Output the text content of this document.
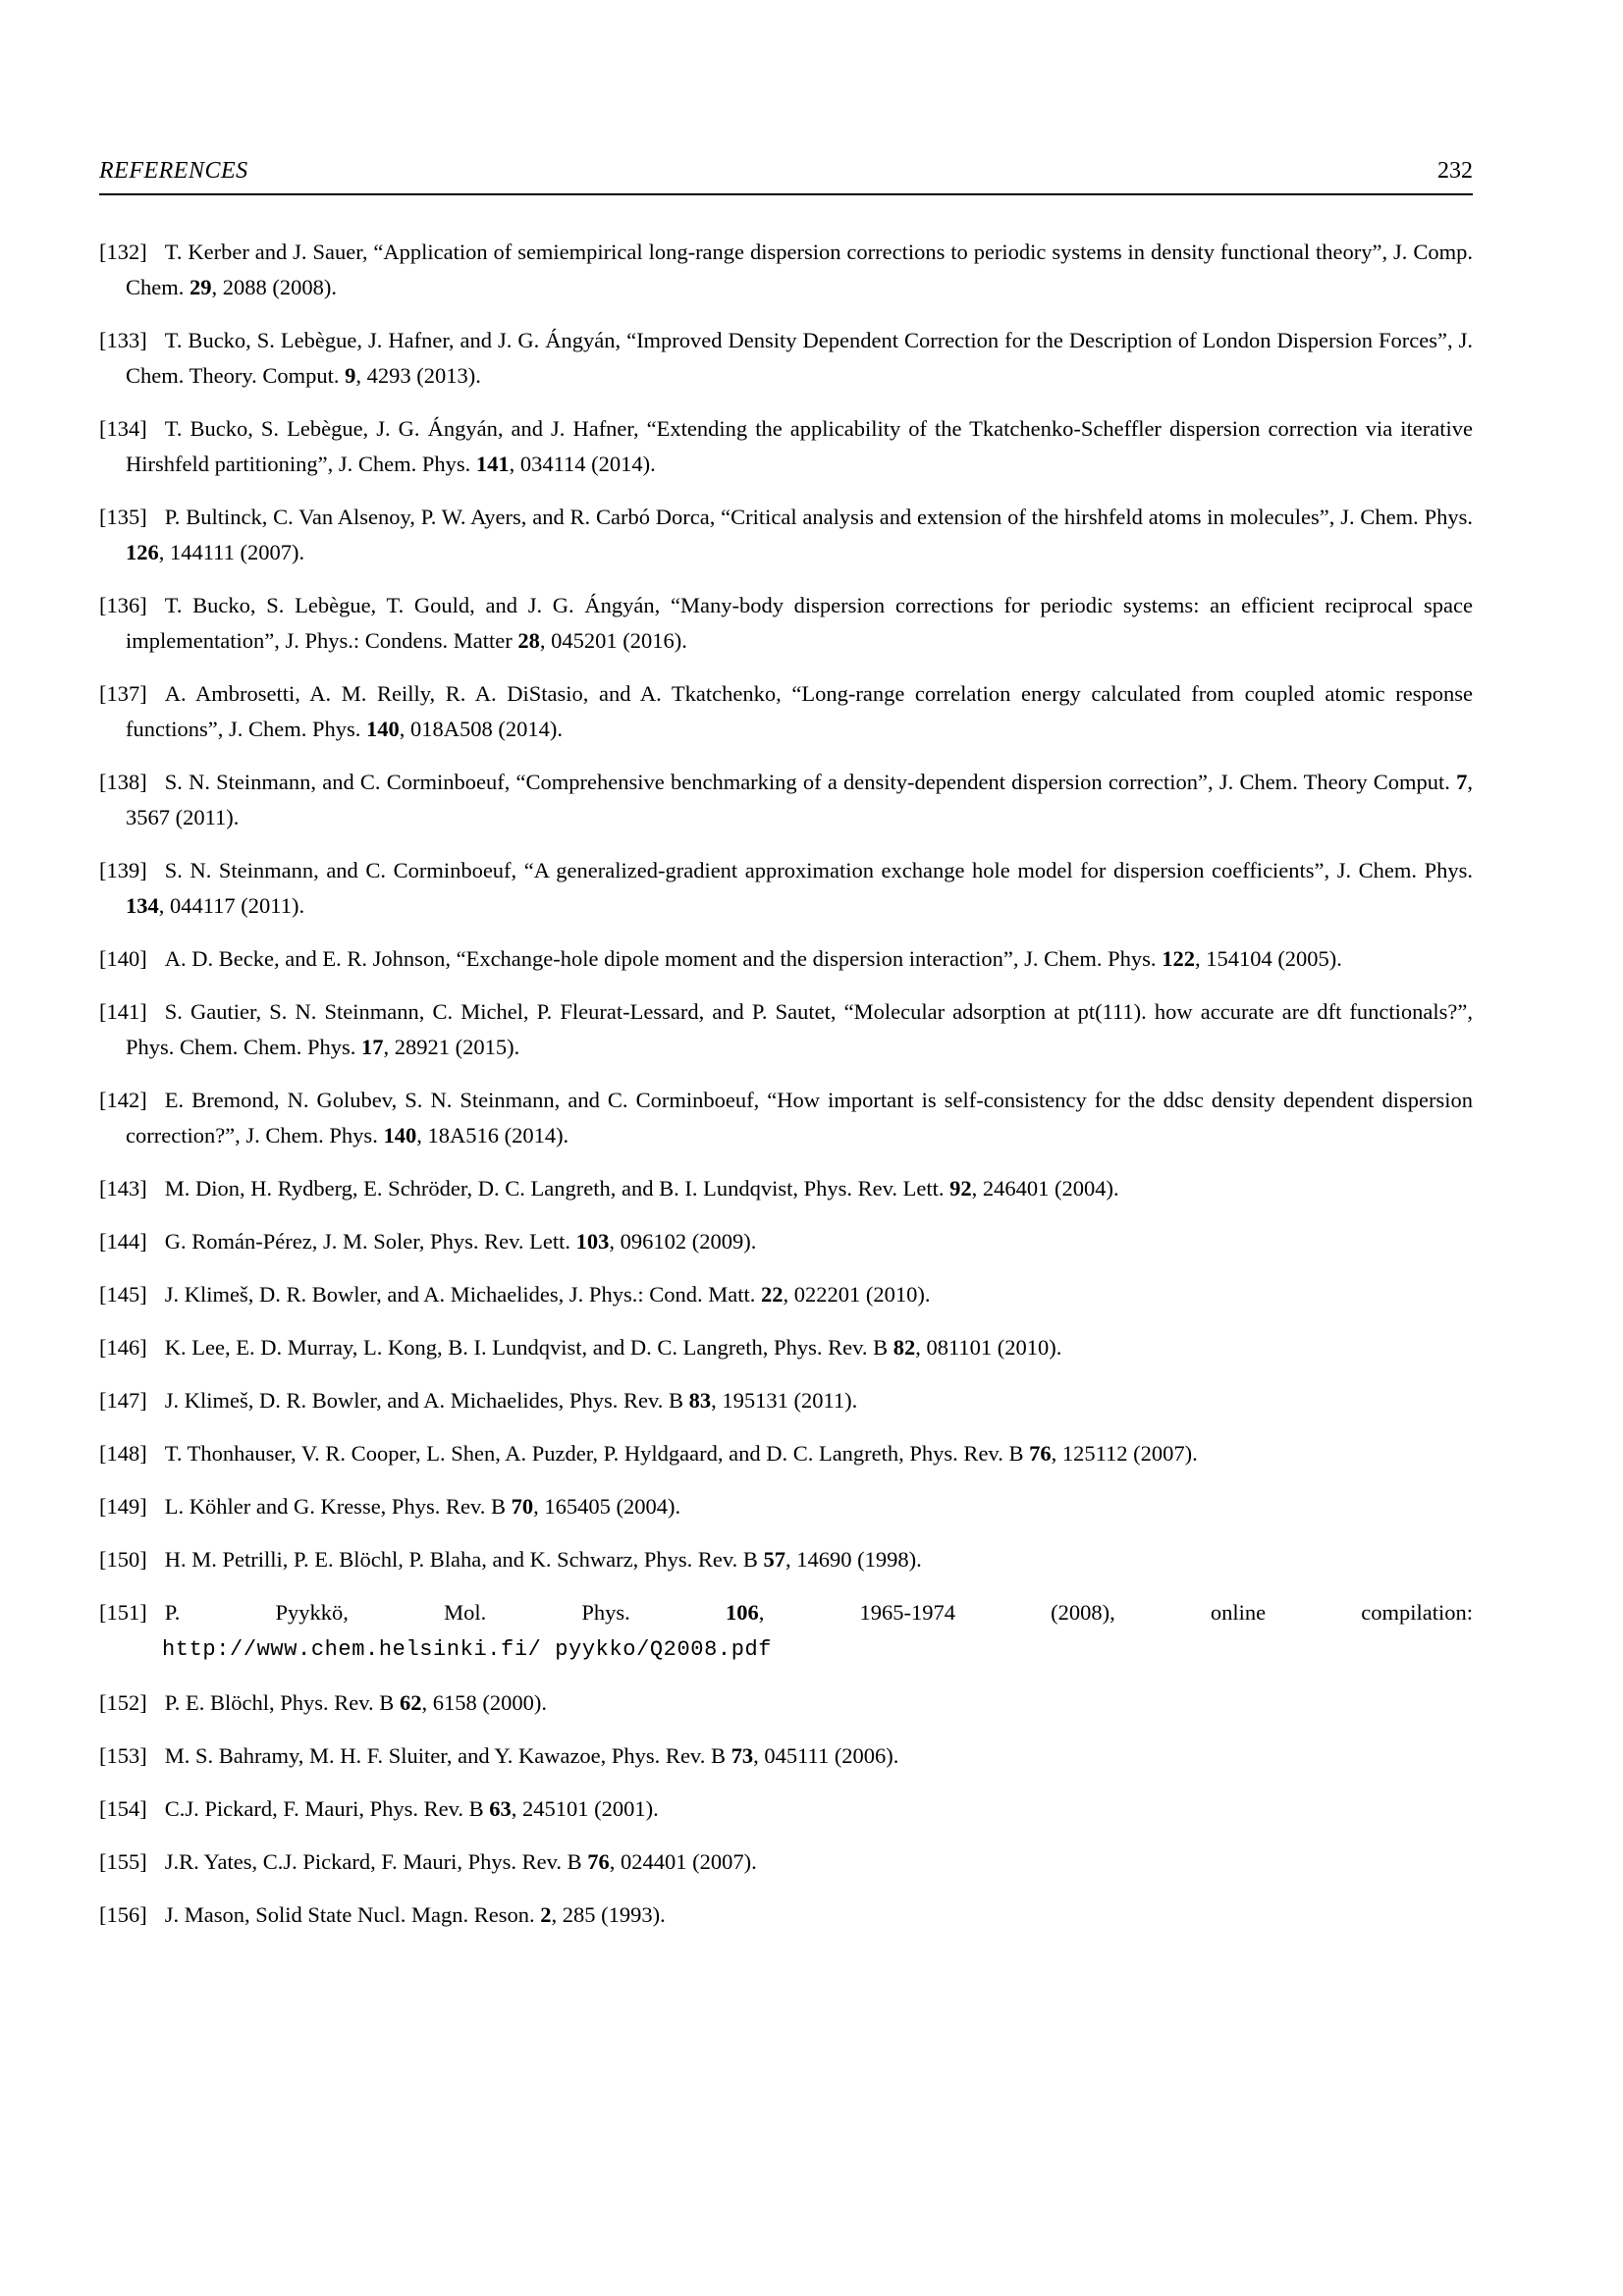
REFERENCES	232
[132] T. Kerber and J. Sauer, “Application of semiempirical long-range dispersion corrections to periodic systems in density functional theory”, J. Comp. Chem. 29, 2088 (2008).
[133] T. Bucko, S. Lebègue, J. Hafner, and J. G. Ángyán, “Improved Density Dependent Correction for the Description of London Dispersion Forces”, J. Chem. Theory. Comput. 9, 4293 (2013).
[134] T. Bucko, S. Lebègue, J. G. Ángyán, and J. Hafner, “Extending the applicability of the Tkatchenko-Scheffler dispersion correction via iterative Hirshfeld partitioning”, J. Chem. Phys. 141, 034114 (2014).
[135] P. Bultinck, C. Van Alsenoy, P. W. Ayers, and R. Carbó Dorca, “Critical analysis and extension of the hirshfeld atoms in molecules”, J. Chem. Phys. 126, 144111 (2007).
[136] T. Bucko, S. Lebègue, T. Gould, and J. G. Ángyán, “Many-body dispersion corrections for periodic systems: an efficient reciprocal space implementation”, J. Phys.: Condens. Matter 28, 045201 (2016).
[137] A. Ambrosetti, A. M. Reilly, R. A. DiStasio, and A. Tkatchenko, “Long-range correlation energy calculated from coupled atomic response functions”, J. Chem. Phys. 140, 018A508 (2014).
[138] S. N. Steinmann, and C. Corminboeuf, “Comprehensive benchmarking of a density-dependent dispersion correction”, J. Chem. Theory Comput. 7, 3567 (2011).
[139] S. N. Steinmann, and C. Corminboeuf, “A generalized-gradient approximation exchange hole model for dispersion coefficients”, J. Chem. Phys. 134, 044117 (2011).
[140] A. D. Becke, and E. R. Johnson, “Exchange-hole dipole moment and the dispersion interaction”, J. Chem. Phys. 122, 154104 (2005).
[141] S. Gautier, S. N. Steinmann, C. Michel, P. Fleurat-Lessard, and P. Sautet, “Molecular adsorption at pt(111). how accurate are dft functionals?”, Phys. Chem. Chem. Phys. 17, 28921 (2015).
[142] E. Bremond, N. Golubev, S. N. Steinmann, and C. Corminboeuf, “How important is self-consistency for the ddsc density dependent dispersion correction?”, J. Chem. Phys. 140, 18A516 (2014).
[143] M. Dion, H. Rydberg, E. Schröder, D. C. Langreth, and B. I. Lundqvist, Phys. Rev. Lett. 92, 246401 (2004).
[144] G. Román-Pérez, J. M. Soler, Phys. Rev. Lett. 103, 096102 (2009).
[145] J. Klimeš, D. R. Bowler, and A. Michaelides, J. Phys.: Cond. Matt. 22, 022201 (2010).
[146] K. Lee, E. D. Murray, L. Kong, B. I. Lundqvist, and D. C. Langreth, Phys. Rev. B 82, 081101 (2010).
[147] J. Klimeš, D. R. Bowler, and A. Michaelides, Phys. Rev. B 83, 195131 (2011).
[148] T. Thonhauser, V. R. Cooper, L. Shen, A. Puzder, P. Hyldgaard, and D. C. Langreth, Phys. Rev. B 76, 125112 (2007).
[149] L. Köhler and G. Kresse, Phys. Rev. B 70, 165405 (2004).
[150] H. M. Petrilli, P. E. Blöchl, P. Blaha, and K. Schwarz, Phys. Rev. B 57, 14690 (1998).
[151] P. Pyykkö, Mol. Phys. 106, 1965-1974 (2008), online compilation:
http://www.chem.helsinki.fi/ pyykko/Q2008.pdf
[152] P. E. Blöchl, Phys. Rev. B 62, 6158 (2000).
[153] M. S. Bahramy, M. H. F. Sluiter, and Y. Kawazoe, Phys. Rev. B 73, 045111 (2006).
[154] C.J. Pickard, F. Mauri, Phys. Rev. B 63, 245101 (2001).
[155] J.R. Yates, C.J. Pickard, F. Mauri, Phys. Rev. B 76, 024401 (2007).
[156] J. Mason, Solid State Nucl. Magn. Reson. 2, 285 (1993).
